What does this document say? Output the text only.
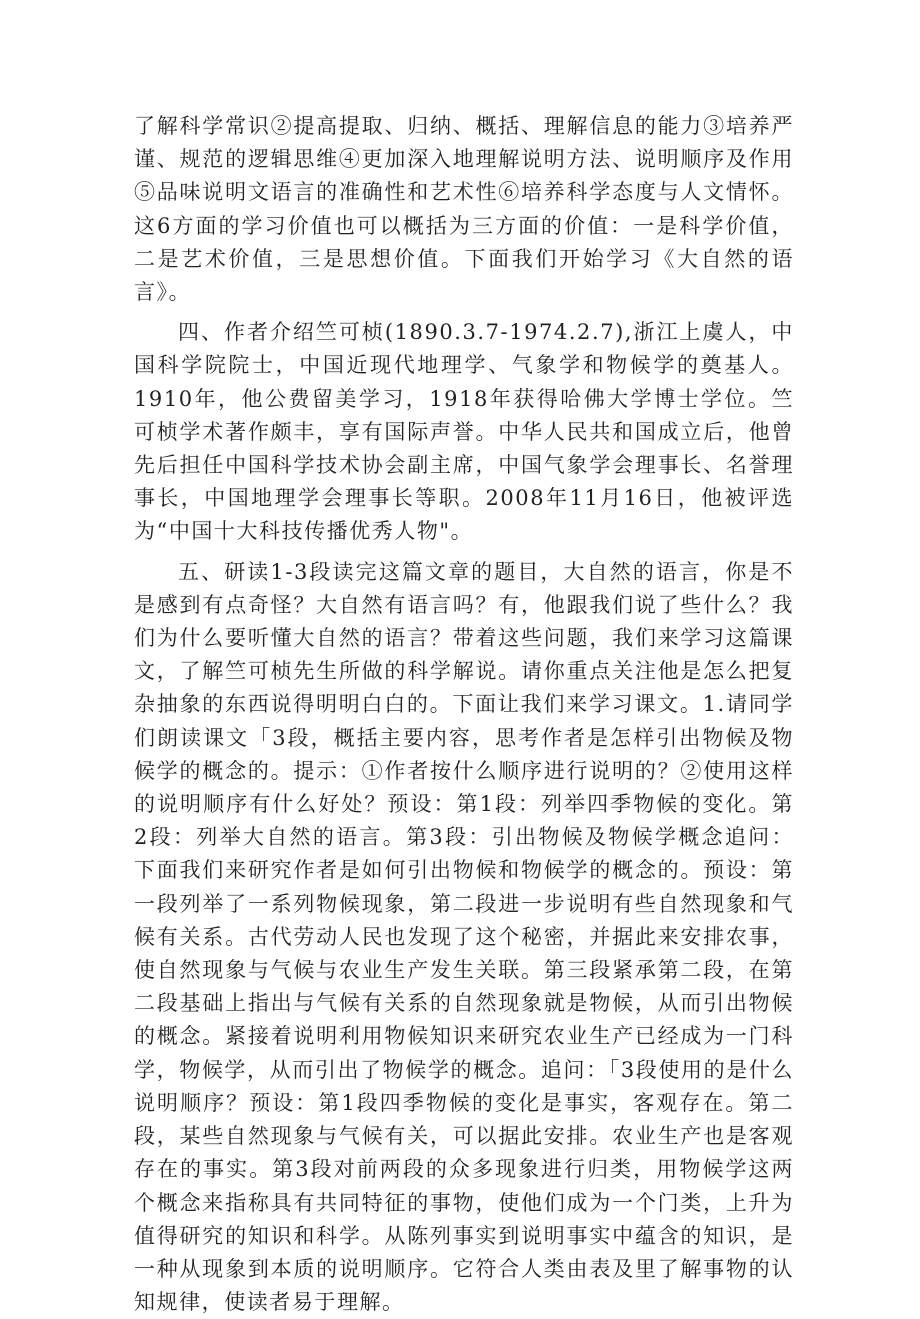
了解科学常识②提高提取、归纳、概括、理解信息的能力③培养严谨、规范的逻辑思维④更加深入地理解说明方法、说明顺序及作用⑤品味说明文语言的准确性和艺术性⑥培养科学态度与人文情怀。这6方面的学习价值也可以概括为三方面的价值：一是科学价值，二是艺术价值，三是思想价值。下面我们开始学习《大自然的语言》。

四、作者介绍竺可桢(1890.3.7-1974.2.7),浙江上虞人，中国科学院院士，中国近现代地理学、气象学和物候学的奠基人。1910年，他公费留美学习，1918年获得哈佛大学博士学位。竺可桢学术著作颇丰，享有国际声誉。中华人民共和国成立后，他曾先后担任中国科学技术协会副主席，中国气象学会理事长、名誉理事长，中国地理学会理事长等职。2008年11月16日，他被评选为“中国十大科技传播优秀人物"。

五、研读1-3段读完这篇文章的题目，大自然的语言，你是不是感到有点奇怪？大自然有语言吗？有，他跟我们说了些什么？我们为什么要听懂大自然的语言？带着这些问题，我们来学习这篇课文，了解竺可桢先生所做的科学解说。请你重点关注他是怎么把复杂抽象的东西说得明明白白的。下面让我们来学习课文。1.请同学们朗读课文「3段，概括主要内容，思考作者是怎样引出物候及物候学的概念的。提示：①作者按什么顺序进行说明的？②使用这样的说明顺序有什么好处？预设：第1段：列举四季物候的变化。第2段：列举大自然的语言。第3段：引出物候及物候学概念追问：下面我们来研究作者是如何引出物候和物候学的概念的。预设：第一段列举了一系列物候现象，第二段进一步说明有些自然现象和气候有关系。古代劳动人民也发现了这个秘密，并据此来安排农事，使自然现象与气候与农业生产发生关联。第三段紧承第二段，在第二段基础上指出与气候有关系的自然现象就是物候，从而引出物候的概念。紧接着说明利用物候知识来研究农业生产已经成为一门科学，物候学，从而引出了物候学的概念。追问：「3段使用的是什么说明顺序？预设：第1段四季物候的变化是事实，客观存在。第二段，某些自然现象与气候有关，可以据此安排。农业生产也是客观存在的事实。第3段对前两段的众多现象进行归类，用物候学这两个概念来指称具有共同特征的事物，使他们成为一个门类，上升为值得研究的知识和科学。从陈列事实到说明事实中蕴含的知识，是一种从现象到本质的说明顺序。它符合人类由表及里了解事物的认知规律，使读者易于理解。
